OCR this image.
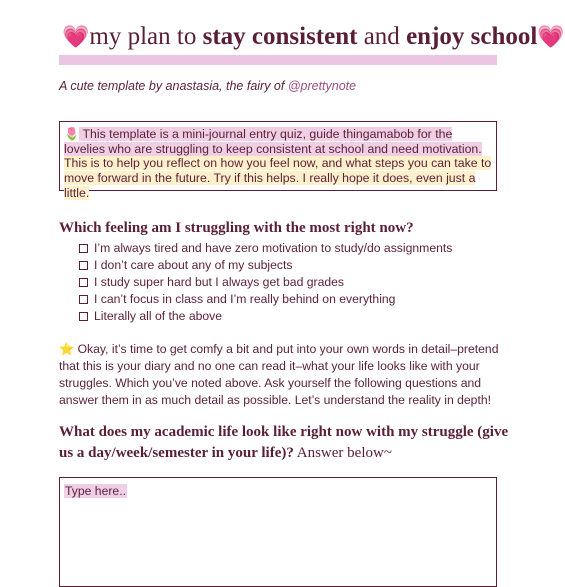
💗my plan to stay consistent and enjoy school💗
A cute template by anastasia, the fairy of @prettynote
🌷 This template is a mini-journal entry quiz, guide thingamabob for the lovelies who are struggling to keep consistent at school and need motivation. This is to help you reflect on how you feel now, and what steps you can take to move forward in the future. Try if this helps. I really hope it does, even just a little.
Which feeling am I struggling with the most right now?
I’m always tired and have zero motivation to study/do assignments
I don’t care about any of my subjects
I study super hard but I always get bad grades
I can’t focus in class and I’m really behind on everything
Literally all of the above
⭐ Okay, it’s time to get comfy a bit and put into your own words in detail–pretend that this is your diary and no one can read it–what your life looks like with your struggles. Which you’ve noted above. Ask yourself the following questions and answer them in as much detail as possible. Let’s understand the reality in depth!
What does my academic life look like right now with my struggle (give us a day/week/semester in your life)? Answer below~
Type here..
